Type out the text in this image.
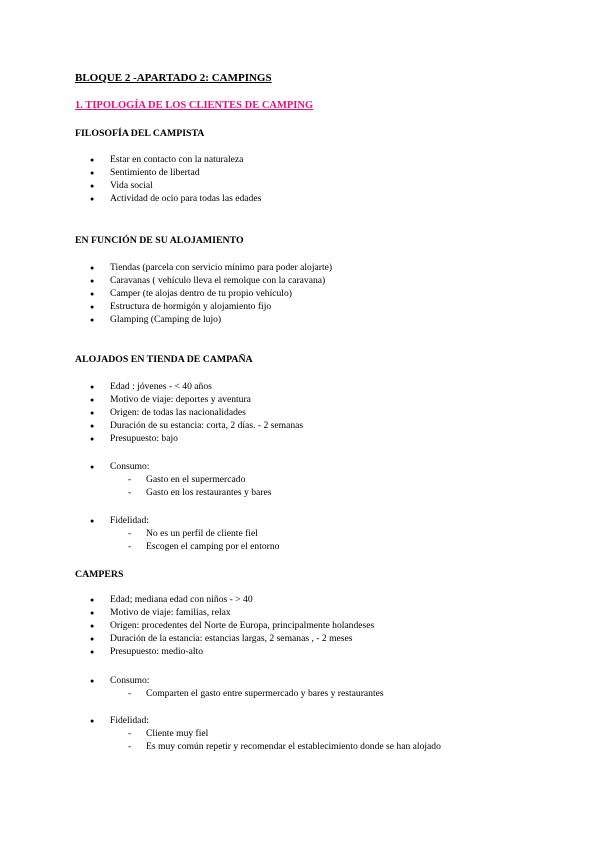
BLOQUE 2 -APARTADO 2: CAMPINGS
1. TIPOLOGÍA DE LOS CLIENTES DE CAMPING
FILOSOFÍA DEL CAMPISTA
● Estar en contacto con la naturaleza
● Sentimiento de libertad
● Vida social
● Actividad de ocio para todas las edades
EN FUNCIÓN DE SU ALOJAMIENTO
● Tiendas (parcela con servicio mínimo para poder alojarte)
● Caravanas ( vehículo lleva el remolque con la caravana)
● Camper (te alojas dentro de tu propio vehículo)
● Estructura de hormigón y alojamiento fijo
● Glamping (Camping de lujo)
ALOJADOS EN TIENDA DE CAMPAÑA
● Edad : jóvenes - < 40 años
● Motivo de viaje: deportes y aventura
● Origen: de todas las nacionalidades
● Duración de su estancia: corta, 2 días. - 2 semanas
● Presupuesto: bajo
● Consumo:
- Gasto en el supermercado
- Gasto en los restaurantes y bares
● Fidelidad:
- No es un perfil de cliente fiel
- Escogen el camping por el entorno
CAMPERS
● Edad; mediana edad con niños - > 40
● Motivo de viaje: familias, relax
● Origen: procedentes del Norte de Europa, principalmente holandeses
● Duración de la estancia: estancias largas, 2 semanas , - 2 meses
● Presupuesto: medio-alto
● Consumo:
- Comparten el gasto entre supermercado y bares y restaurantes
● Fidelidad:
- Cliente muy fiel
- Es muy común repetir y recomendar el establecimiento donde se han alojado
